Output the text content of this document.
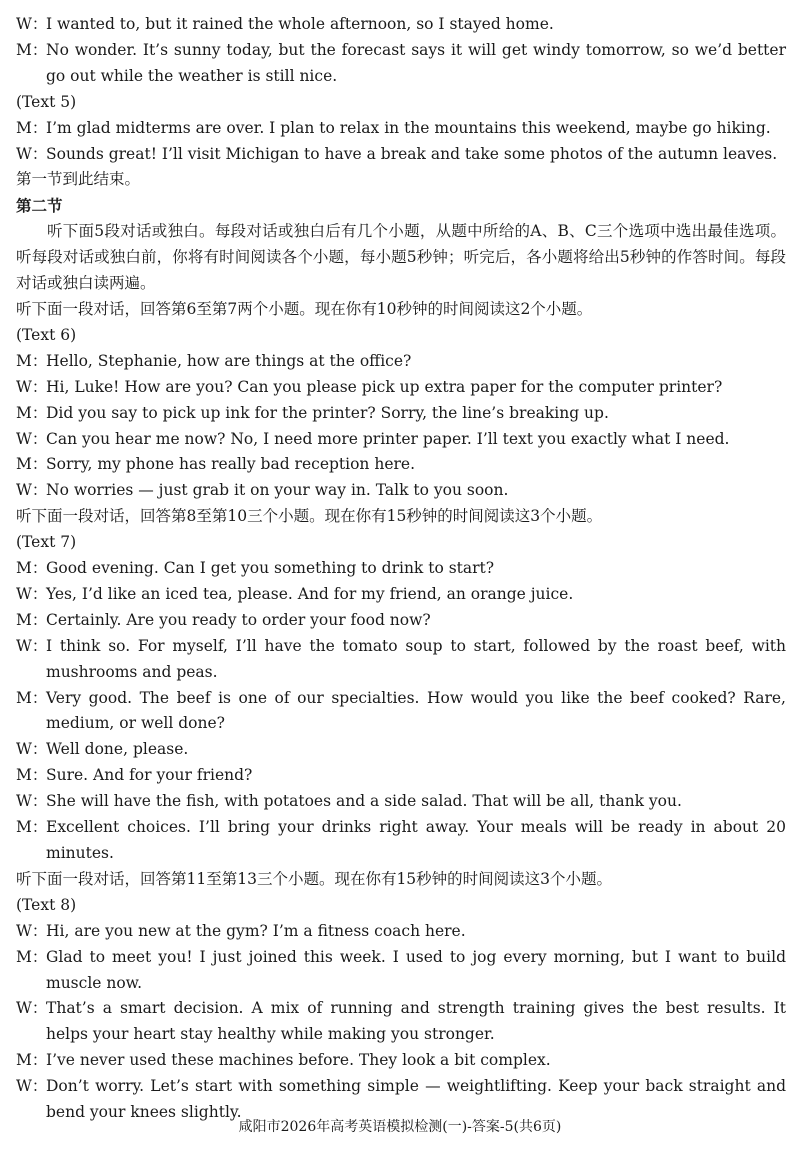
W：
I wanted to, but it rained the whole afternoon, so I stayed home.
M：
No wonder. It’s sunny today, but the forecast says it will get windy tomorrow, so we’d better go out while the weather is still nice.
(Text 5)
M：
I’m glad midterms are over. I plan to relax in the mountains this weekend, maybe go hiking.
W：
Sounds great! I’ll visit Michigan to have a break and take some photos of the autumn leaves.
第一节到此结束。
第二节
听下面5段对话或独白。每段对话或独白后有几个小题，从题中所给的A、B、C三个选项中选出最佳选项。听每段对话或独白前，你将有时间阅读各个小题，每小题5秒钟；听完后，各小题将给出5秒钟的作答时间。每段对话或独白读两遍。
听下面一段对话，回答第6至第7两个小题。现在你有10秒钟的时间阅读这2个小题。
(Text 6)
M：
Hello, Stephanie, how are things at the office?
W：
Hi, Luke! How are you? Can you please pick up extra paper for the computer printer?
M：
Did you say to pick up ink for the printer? Sorry, the line’s breaking up.
W：
Can you hear me now? No, I need more printer paper. I’ll text you exactly what I need.
M：
Sorry, my phone has really bad reception here.
W：
No worries — just grab it on your way in. Talk to you soon.
听下面一段对话，回答第8至第10三个小题。现在你有15秒钟的时间阅读这3个小题。
(Text 7)
M：
Good evening. Can I get you something to drink to start?
W：
Yes, I’d like an iced tea, please. And for my friend, an orange juice.
M：
Certainly. Are you ready to order your food now?
W：
I think so. For myself, I’ll have the tomato soup to start, followed by the roast beef, with mushrooms and peas.
M：
Very good. The beef is one of our specialties. How would you like the beef cooked? Rare, medium, or well done?
W：
Well done, please.
M：
Sure. And for your friend?
W：
She will have the fish, with potatoes and a side salad. That will be all, thank you.
M：
Excellent choices. I’ll bring your drinks right away. Your meals will be ready in about 20 minutes.
听下面一段对话，回答第11至第13三个小题。现在你有15秒钟的时间阅读这3个小题。
(Text 8)
W：
Hi, are you new at the gym? I’m a fitness coach here.
M：
Glad to meet you! I just joined this week. I used to jog every morning, but I want to build muscle now.
W：
That’s a smart decision. A mix of running and strength training gives the best results. It helps your heart stay healthy while making you stronger.
M：
I’ve never used these machines before. They look a bit complex.
W：
Don’t worry. Let’s start with something simple — weightlifting. Keep your back straight and bend your knees slightly.
咸阳市2026年高考英语模拟检测(一)-答案-5(共6页)
